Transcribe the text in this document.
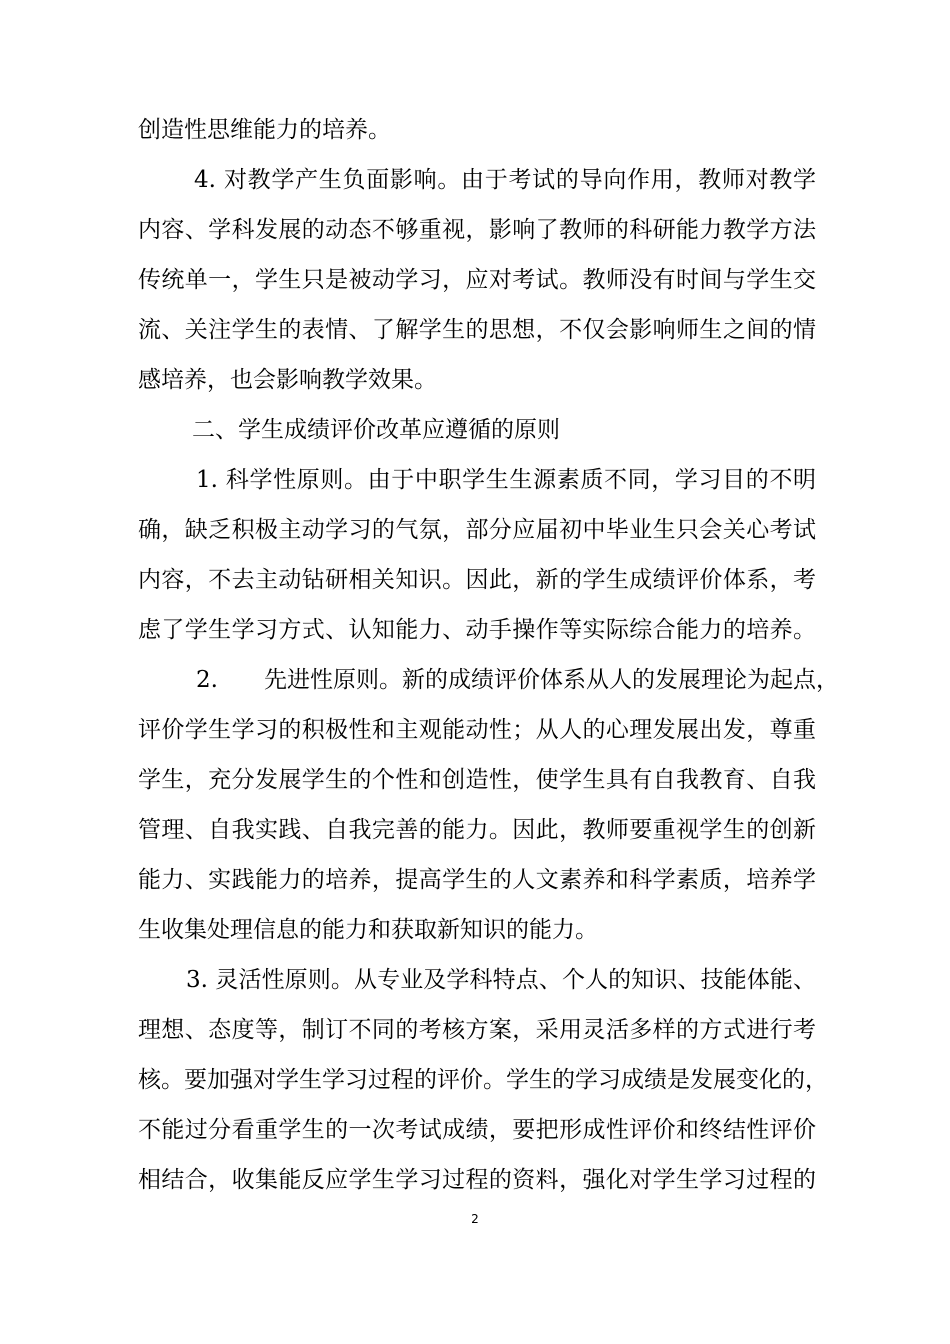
创造性思维能力的培养。
4. 对教学产生负面影响。由于考试的导向作用，教师对教学
内容、学科发展的动态不够重视，影响了教师的科研能力教学方法
传统单一，学生只是被动学习，应对考试。教师没有时间与学生交
流、关注学生的表情、了解学生的思想，不仅会影响师生之间的情
感培养，也会影响教学效果。
二、学生成绩评价改革应遵循的原则
1. 科学性原则。由于中职学生生源素质不同，学习目的不明
确，缺乏积极主动学习的气氛，部分应届初中毕业生只会关心考试
内容，不去主动钻研相关知识。因此，新的学生成绩评价体系，考
虑了学生学习方式、认知能力、动手操作等实际综合能力的培养。
2.　　先进性原则。新的成绩评价体系从人的发展理论为起点，
评价学生学习的积极性和主观能动性；从人的心理发展出发，尊重
学生，充分发展学生的个性和创造性，使学生具有自我教育、自我
管理、自我实践、自我完善的能力。因此，教师要重视学生的创新
能力、实践能力的培养，提高学生的人文素养和科学素质，培养学
生收集处理信息的能力和获取新知识的能力。
3. 灵活性原则。从专业及学科特点、个人的知识、技能体能、
理想、态度等，制订不同的考核方案，采用灵活多样的方式进行考
核。要加强对学生学习过程的评价。学生的学习成绩是发展变化的，
不能过分看重学生的一次考试成绩，要把形成性评价和终结性评价
相结合，收集能反应学生学习过程的资料，强化对学生学习过程的
2
